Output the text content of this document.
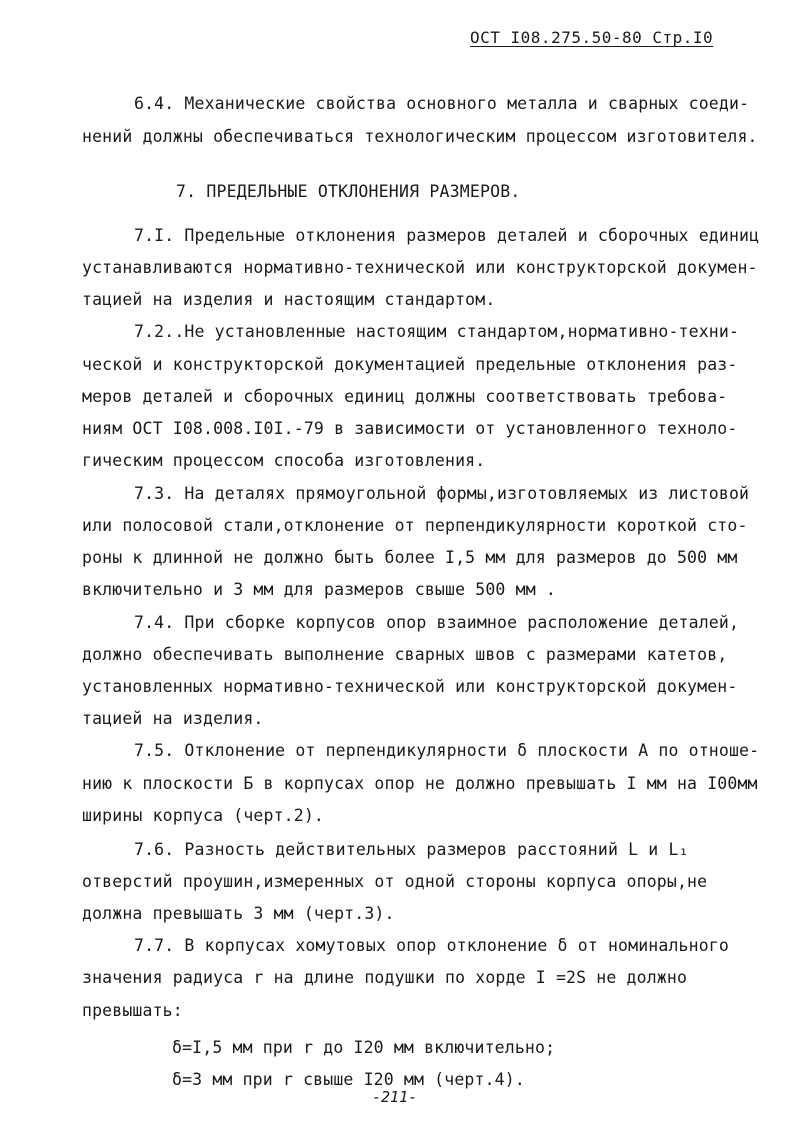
ОСТ I08.275.50-80 Стр.I0
6.4. Механические свойства основного металла и сварных соеди-
нений должны обеспечиваться технологическим процессом изготовителя.
7. ПРЕДЕЛЬНЫЕ ОТКЛОНЕНИЯ РАЗМЕРОВ.
7.I. Предельные отклонения размеров деталей и сборочных единиц
устанавливаются нормативно-технической или конструкторской докумен-
тацией на изделия и настоящим стандартом.
7.2..Не установленные настоящим стандартом,нормативно-техни-
ческой и конструкторской документацией предельные отклонения раз-
меров деталей и сборочных единиц должны соответствовать требова-
ниям ОСТ I08.008.I0I.-79 в зависимости от установленного техноло-
гическим процессом способа изготовления.
7.3. На деталях прямоугольной формы,изготовляемых из листовой
или полосовой стали,отклонение от перпендикулярности короткой сто-
роны к длинной не должно быть более I,5 мм для размеров до 500 мм
включительно и 3 мм для размеров свыше 500 мм .
7.4. При сборке корпусов опор взаимное расположение деталей,
должно обеспечивать выполнение сварных швов с размерами катетов,
установленных нормативно-технической или конструкторской докумен-
тацией на изделия.
7.5. Отклонение от перпендикулярности δ плоскости А по отноше-
нию к плоскости Б в корпусах опор не должно превышать I мм на I00мм
ширины корпуса (черт.2).
7.6. Разность действительных размеров расстояний L и L₁
отверстий проушин,измеренных от одной стороны корпуса опоры,не
должна превышать 3 мм (черт.3).
7.7. В корпусах хомутовых опор отклонение δ от номинального
значения радиуса r на длине подушки по хорде I =2S не должно
превышать:
δ=I,5 мм при r до I20 мм включительно;
δ=3 мм при r свыше I20 мм (черт.4).
-211-
